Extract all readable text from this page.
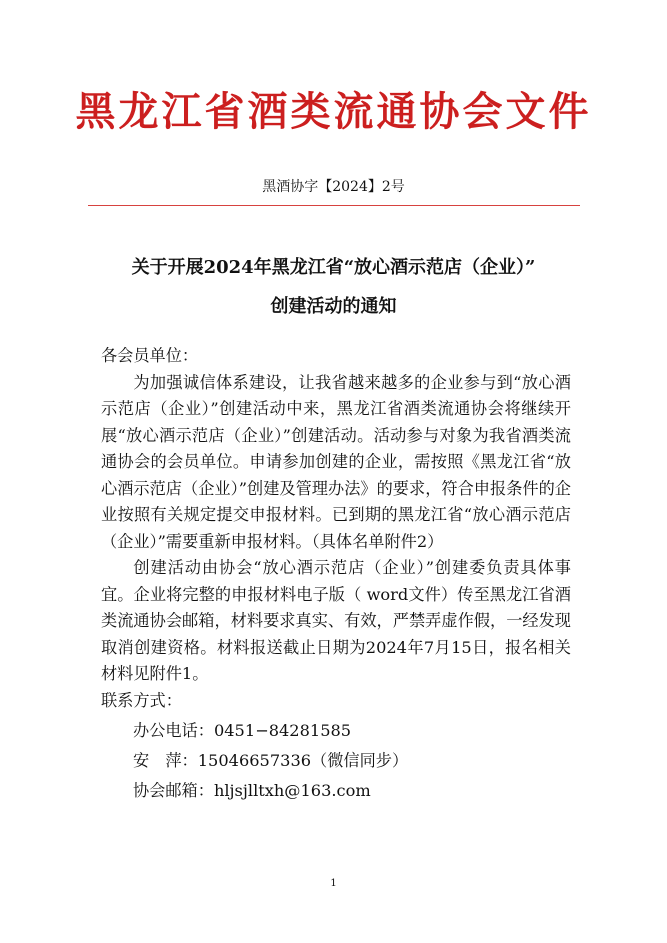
黑龙江省酒类流通协会文件
黑酒协字【2024】2号
关于开展2024年黑龙江省“放心酒示范店（企业）”
创建活动的通知

各会员单位：

为加强诚信体系建设，让我省越来越多的企业参与到“放心酒示范店（企业）”创建活动中来，黑龙江省酒类流通协会将继续开展“放心酒示范店（企业）”创建活动。活动参与对象为我省酒类流通协会的会员单位。申请参加创建的企业，需按照《黑龙江省“放心酒示范店（企业）”创建及管理办法》的要求，符合申报条件的企业按照有关规定提交申报材料。已到期的黑龙江省“放心酒示范店（企业）”需要重新申报材料。（具体名单附件2）

创建活动由协会“放心酒示范店（企业）”创建委负责具体事宜。企业将完整的申报材料电子版（ word文件）传至黑龙江省酒类流通协会邮箱，材料要求真实、有效，严禁弄虚作假，一经发现取消创建资格。材料报送截止日期为2024年7月15日，报名相关材料见附件1。

联系方式：

办公电话：0451−84281585

安　萍：15046657336（微信同步）

协会邮箱：hljsjlltxh@163.com

1
